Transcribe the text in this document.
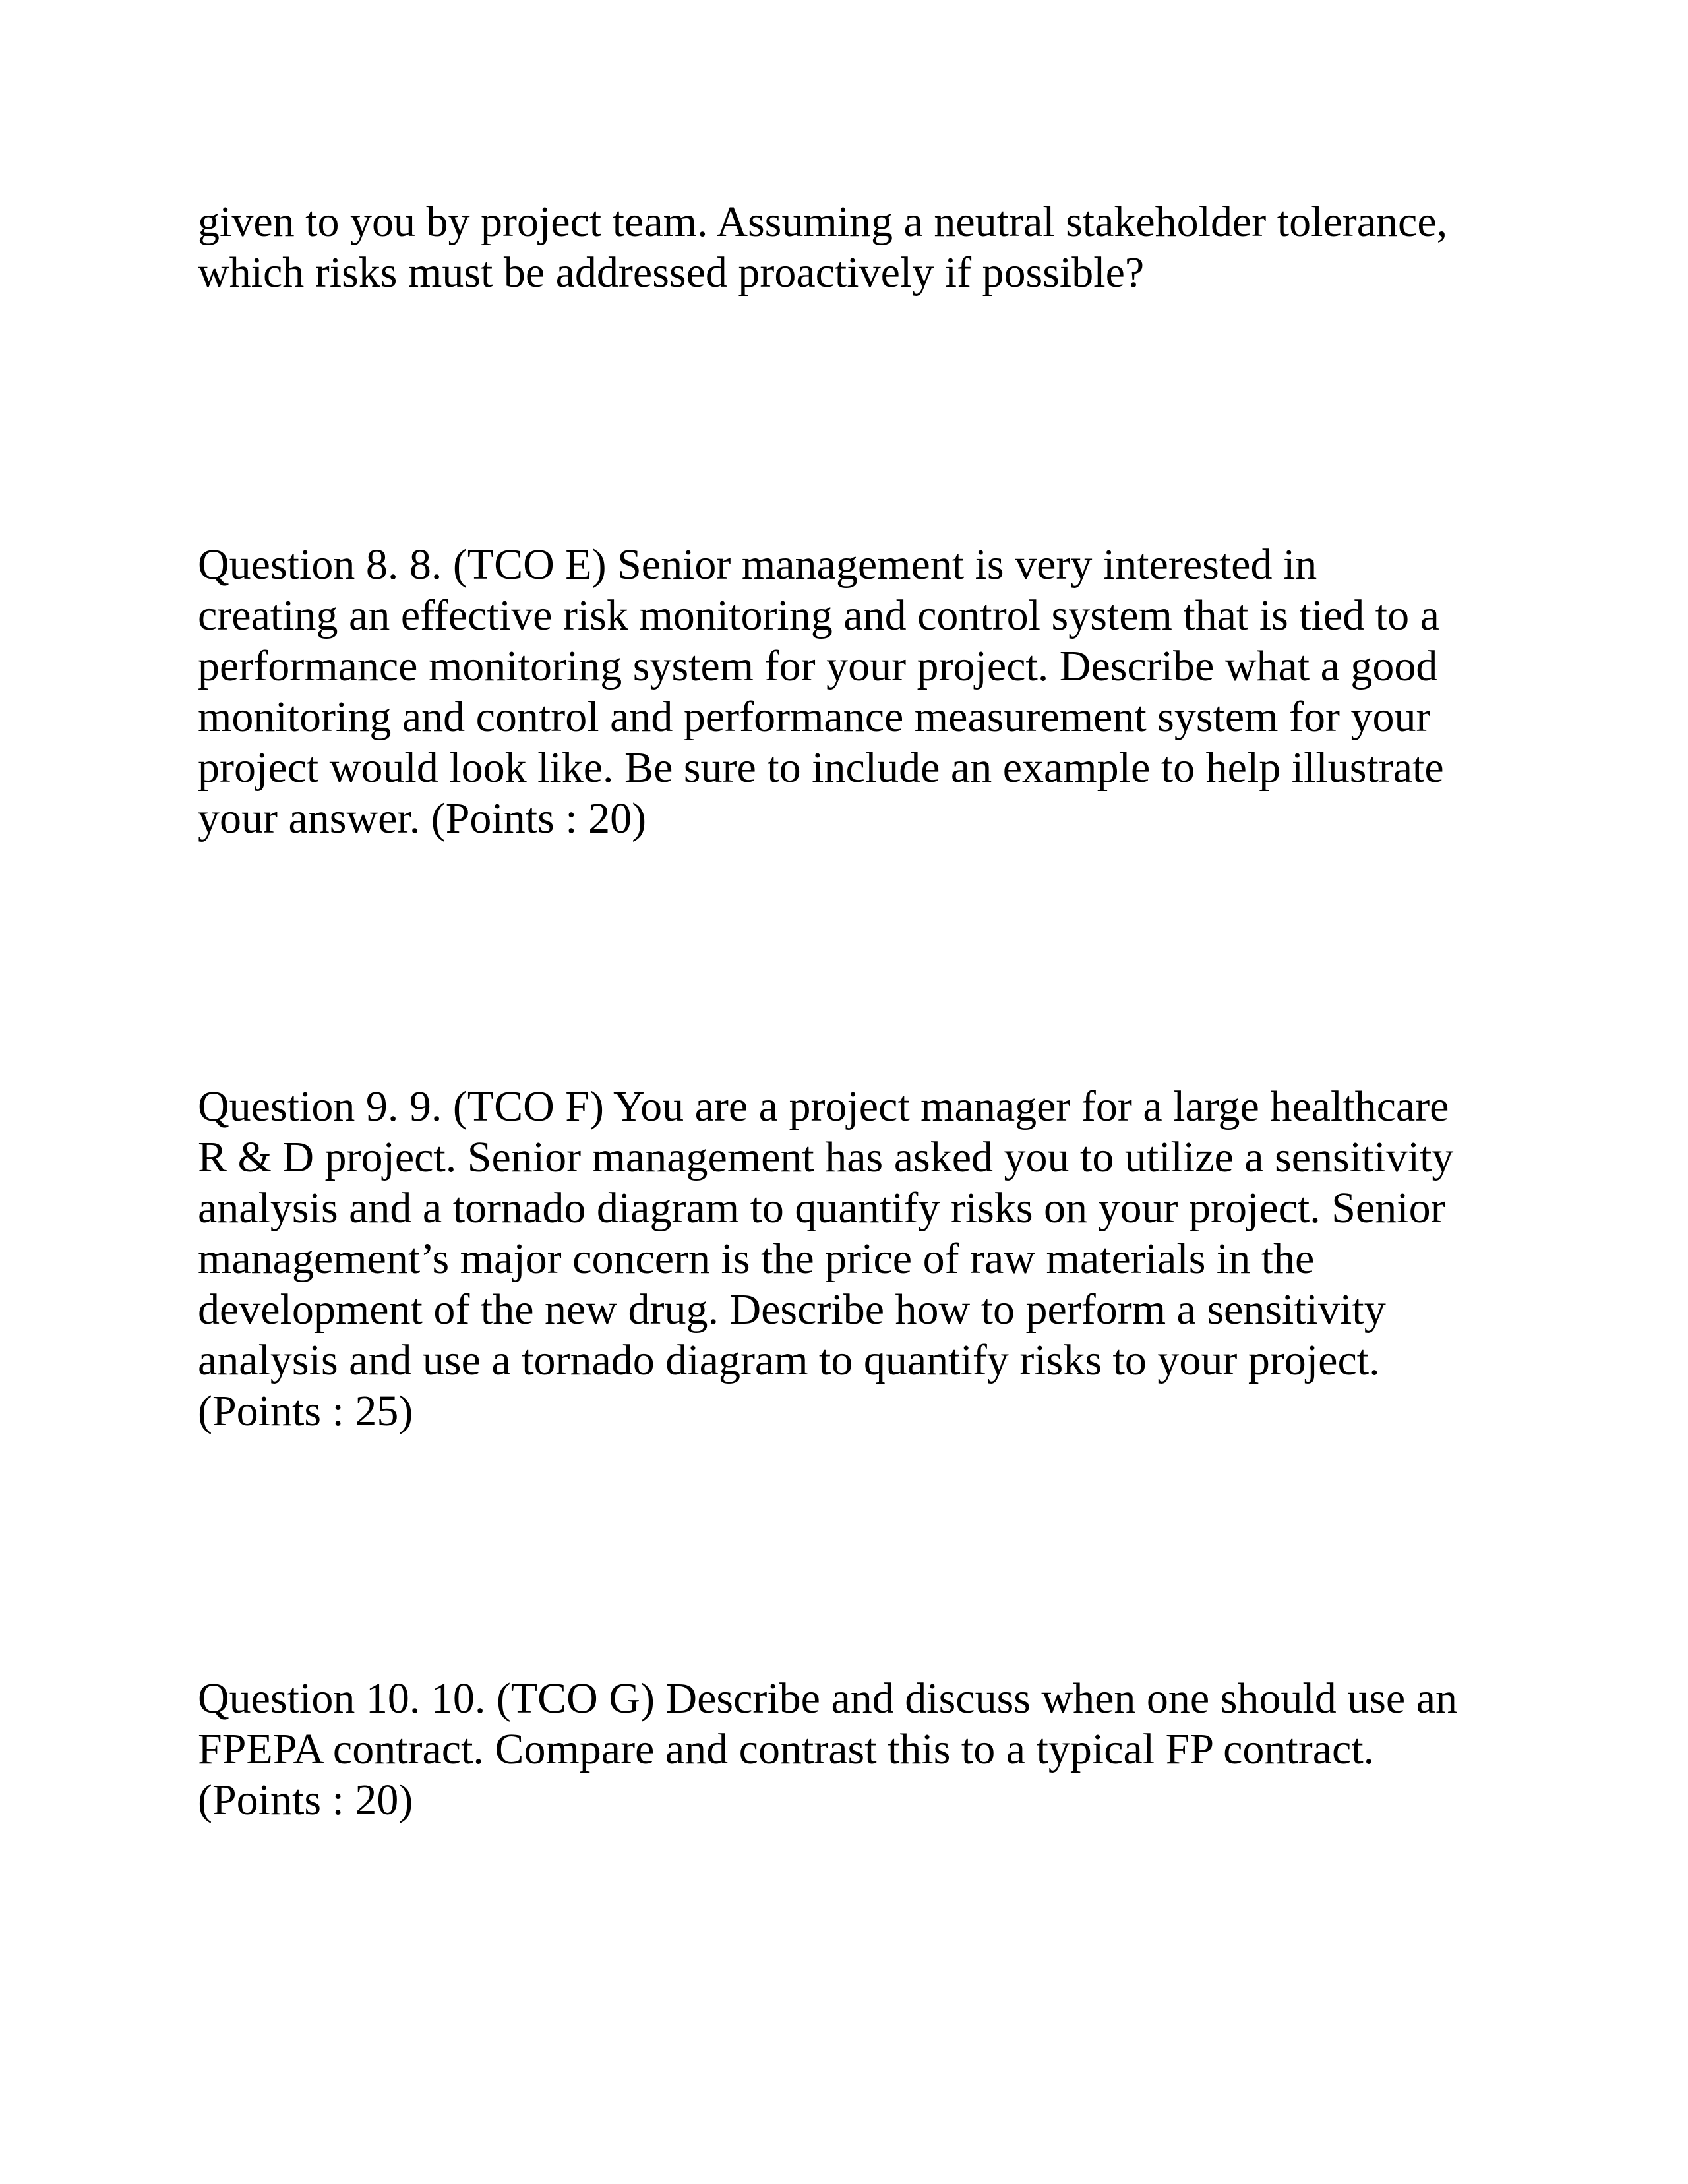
given to you by project team. Assuming a neutral stakeholder tolerance,
which risks must be addressed proactively if possible?

Question 8. 8. (TCO E) Senior management is very interested in
creating an effective risk monitoring and control system that is tied to a
performance monitoring system for your project. Describe what a good
monitoring and control and performance measurement system for your
project would look like. Be sure to include an example to help illustrate
your answer. (Points : 20)

Question 9. 9. (TCO F) You are a project manager for a large healthcare
R & D project. Senior management has asked you to utilize a sensitivity
analysis and a tornado diagram to quantify risks on your project. Senior
management’s major concern is the price of raw materials in the
development of the new drug. Describe how to perform a sensitivity
analysis and use a tornado diagram to quantify risks to your project.
(Points : 25)

Question 10. 10. (TCO G) Describe and discuss when one should use an
FPEPA contract. Compare and contrast this to a typical FP contract.
(Points : 20)
